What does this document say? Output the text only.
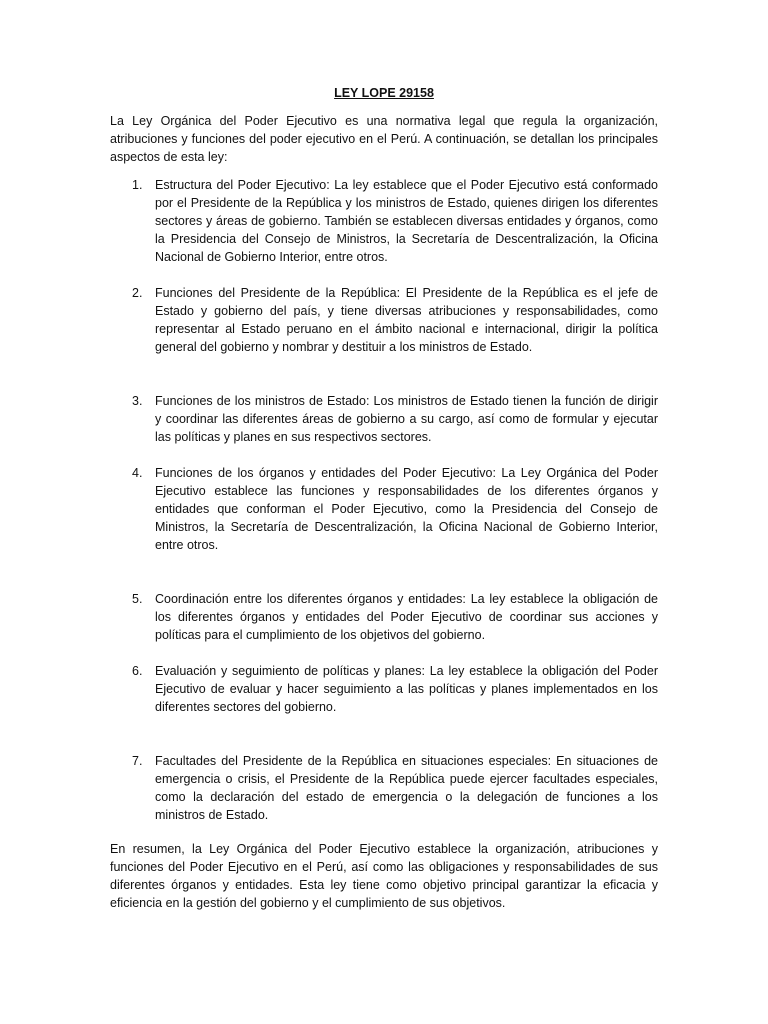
LEY LOPE 29158
La Ley Orgánica del Poder Ejecutivo es una normativa legal que regula la organización, atribuciones y funciones del poder ejecutivo en el Perú. A continuación, se detallan los principales aspectos de esta ley:
1. Estructura del Poder Ejecutivo: La ley establece que el Poder Ejecutivo está conformado por el Presidente de la República y los ministros de Estado, quienes dirigen los diferentes sectores y áreas de gobierno. También se establecen diversas entidades y órganos, como la Presidencia del Consejo de Ministros, la Secretaría de Descentralización, la Oficina Nacional de Gobierno Interior, entre otros.
2. Funciones del Presidente de la República: El Presidente de la República es el jefe de Estado y gobierno del país, y tiene diversas atribuciones y responsabilidades, como representar al Estado peruano en el ámbito nacional e internacional, dirigir la política general del gobierno y nombrar y destituir a los ministros de Estado.
3. Funciones de los ministros de Estado: Los ministros de Estado tienen la función de dirigir y coordinar las diferentes áreas de gobierno a su cargo, así como de formular y ejecutar las políticas y planes en sus respectivos sectores.
4. Funciones de los órganos y entidades del Poder Ejecutivo: La Ley Orgánica del Poder Ejecutivo establece las funciones y responsabilidades de los diferentes órganos y entidades que conforman el Poder Ejecutivo, como la Presidencia del Consejo de Ministros, la Secretaría de Descentralización, la Oficina Nacional de Gobierno Interior, entre otros.
5. Coordinación entre los diferentes órganos y entidades: La ley establece la obligación de los diferentes órganos y entidades del Poder Ejecutivo de coordinar sus acciones y políticas para el cumplimiento de los objetivos del gobierno.
6. Evaluación y seguimiento de políticas y planes: La ley establece la obligación del Poder Ejecutivo de evaluar y hacer seguimiento a las políticas y planes implementados en los diferentes sectores del gobierno.
7. Facultades del Presidente de la República en situaciones especiales: En situaciones de emergencia o crisis, el Presidente de la República puede ejercer facultades especiales, como la declaración del estado de emergencia o la delegación de funciones a los ministros de Estado.
En resumen, la Ley Orgánica del Poder Ejecutivo establece la organización, atribuciones y funciones del Poder Ejecutivo en el Perú, así como las obligaciones y responsabilidades de sus diferentes órganos y entidades. Esta ley tiene como objetivo principal garantizar la eficacia y eficiencia en la gestión del gobierno y el cumplimiento de sus objetivos.
